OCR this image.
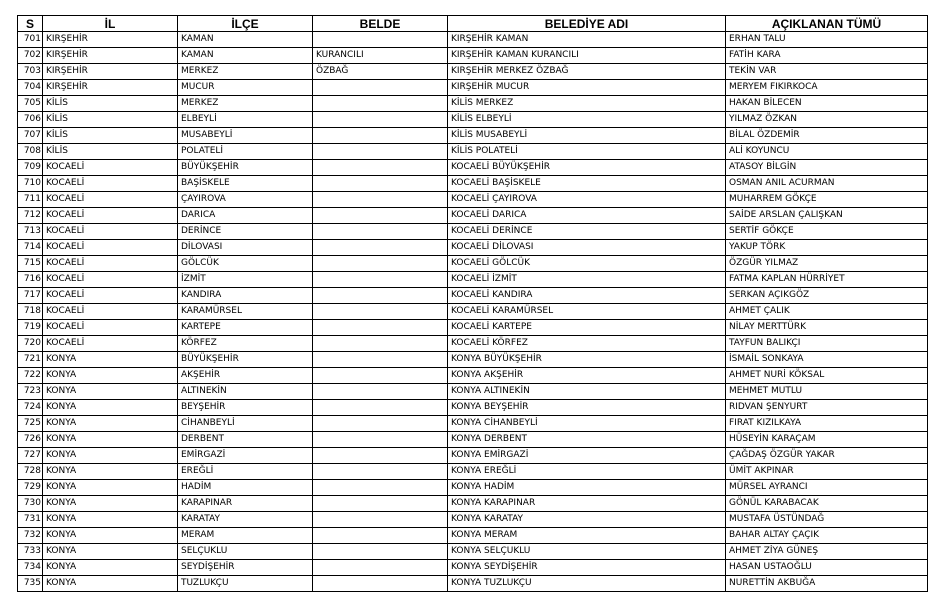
S	İL	İLÇE	BELDE	BELEDİYE ADI	AÇIKLANAN TÜMÜ
701	KIRŞEHİR	KAMAN		KIRŞEHİR KAMAN	ERHAN TALU
702	KIRŞEHİR	KAMAN	KURANCILI	KIRŞEHİR KAMAN KURANCILI	FATİH KARA
703	KIRŞEHİR	MERKEZ	ÖZBAĞ	KIRŞEHİR MERKEZ ÖZBAĞ	TEKİN VAR
704	KIRŞEHİR	MUCUR		KIRŞEHİR MUCUR	MERYEM FIKIRKOCA
705	KİLİS	MERKEZ		KİLİS MERKEZ	HAKAN BİLECEN
706	KİLİS	ELBEYLİ		KİLİS ELBEYLİ	YILMAZ ÖZKAN
707	KİLİS	MUSABEYLİ		KİLİS MUSABEYLİ	BİLAL ÖZDEMİR
708	KİLİS	POLATELİ		KİLİS POLATELİ	ALİ KOYUNCU
709	KOCAELİ	BÜYÜKŞEHİR		KOCAELİ BÜYÜKŞEHİR	ATASOY BİLGİN
710	KOCAELİ	BAŞİSKELE		KOCAELİ BAŞİSKELE	OSMAN ANIL ACURMAN
711	KOCAELİ	ÇAYIROVA		KOCAELİ ÇAYIROVA	MUHARREM GÖKÇE
712	KOCAELİ	DARICA		KOCAELİ DARICA	SAİDE ARSLAN ÇALIŞKAN
713	KOCAELİ	DERİNCE		KOCAELİ DERİNCE	SERTİF GÖKÇE
714	KOCAELİ	DİLOVASI		KOCAELİ DİLOVASI	YAKUP TÖRK
715	KOCAELİ	GÖLCÜK		KOCAELİ GÖLCÜK	ÖZGÜR YILMAZ
716	KOCAELİ	İZMİT		KOCAELİ İZMİT	FATMA KAPLAN HÜRRİYET
717	KOCAELİ	KANDIRA		KOCAELİ KANDIRA	SERKAN AÇIKGÖZ
718	KOCAELİ	KARAMÜRSEL		KOCAELİ KARAMÜRSEL	AHMET ÇALIK
719	KOCAELİ	KARTEPE		KOCAELİ KARTEPE	NİLAY MERTTÜRK
720	KOCAELİ	KÖRFEZ		KOCAELİ KÖRFEZ	TAYFUN BALIKÇI
721	KONYA	BÜYÜKŞEHİR		KONYA BÜYÜKŞEHİR	İSMAİL SONKAYA
722	KONYA	AKŞEHİR		KONYA AKŞEHİR	AHMET NURİ KÖKSAL
723	KONYA	ALTINEKİN		KONYA ALTINEKİN	MEHMET MUTLU
724	KONYA	BEYŞEHİR		KONYA BEYŞEHİR	RIDVAN ŞENYURT
725	KONYA	CİHANBEYLİ		KONYA CİHANBEYLİ	FIRAT KIZILKAYA
726	KONYA	DERBENT		KONYA DERBENT	HÜSEYİN KARAÇAM
727	KONYA	EMİRGAZİ		KONYA EMİRGAZİ	ÇAĞDAŞ ÖZGÜR YAKAR
728	KONYA	EREĞLİ		KONYA EREĞLİ	ÜMİT AKPINAR
729	KONYA	HADİM		KONYA HADİM	MÜRSEL AYRANCI
730	KONYA	KARAPINAR		KONYA KARAPINAR	GÖNÜL KARABACAK
731	KONYA	KARATAY		KONYA KARATAY	MUSTAFA ÜSTÜNDAĞ
732	KONYA	MERAM		KONYA MERAM	BAHAR ALTAY ÇAÇIK
733	KONYA	SELÇUKLU		KONYA SELÇUKLU	AHMET ZİYA GÜNEŞ
734	KONYA	SEYDİŞEHİR		KONYA SEYDİŞEHİR	HASAN USTAOĞLU
735	KONYA	TUZLUKÇU		KONYA TUZLUKÇU	NURETTİN AKBUĞA
